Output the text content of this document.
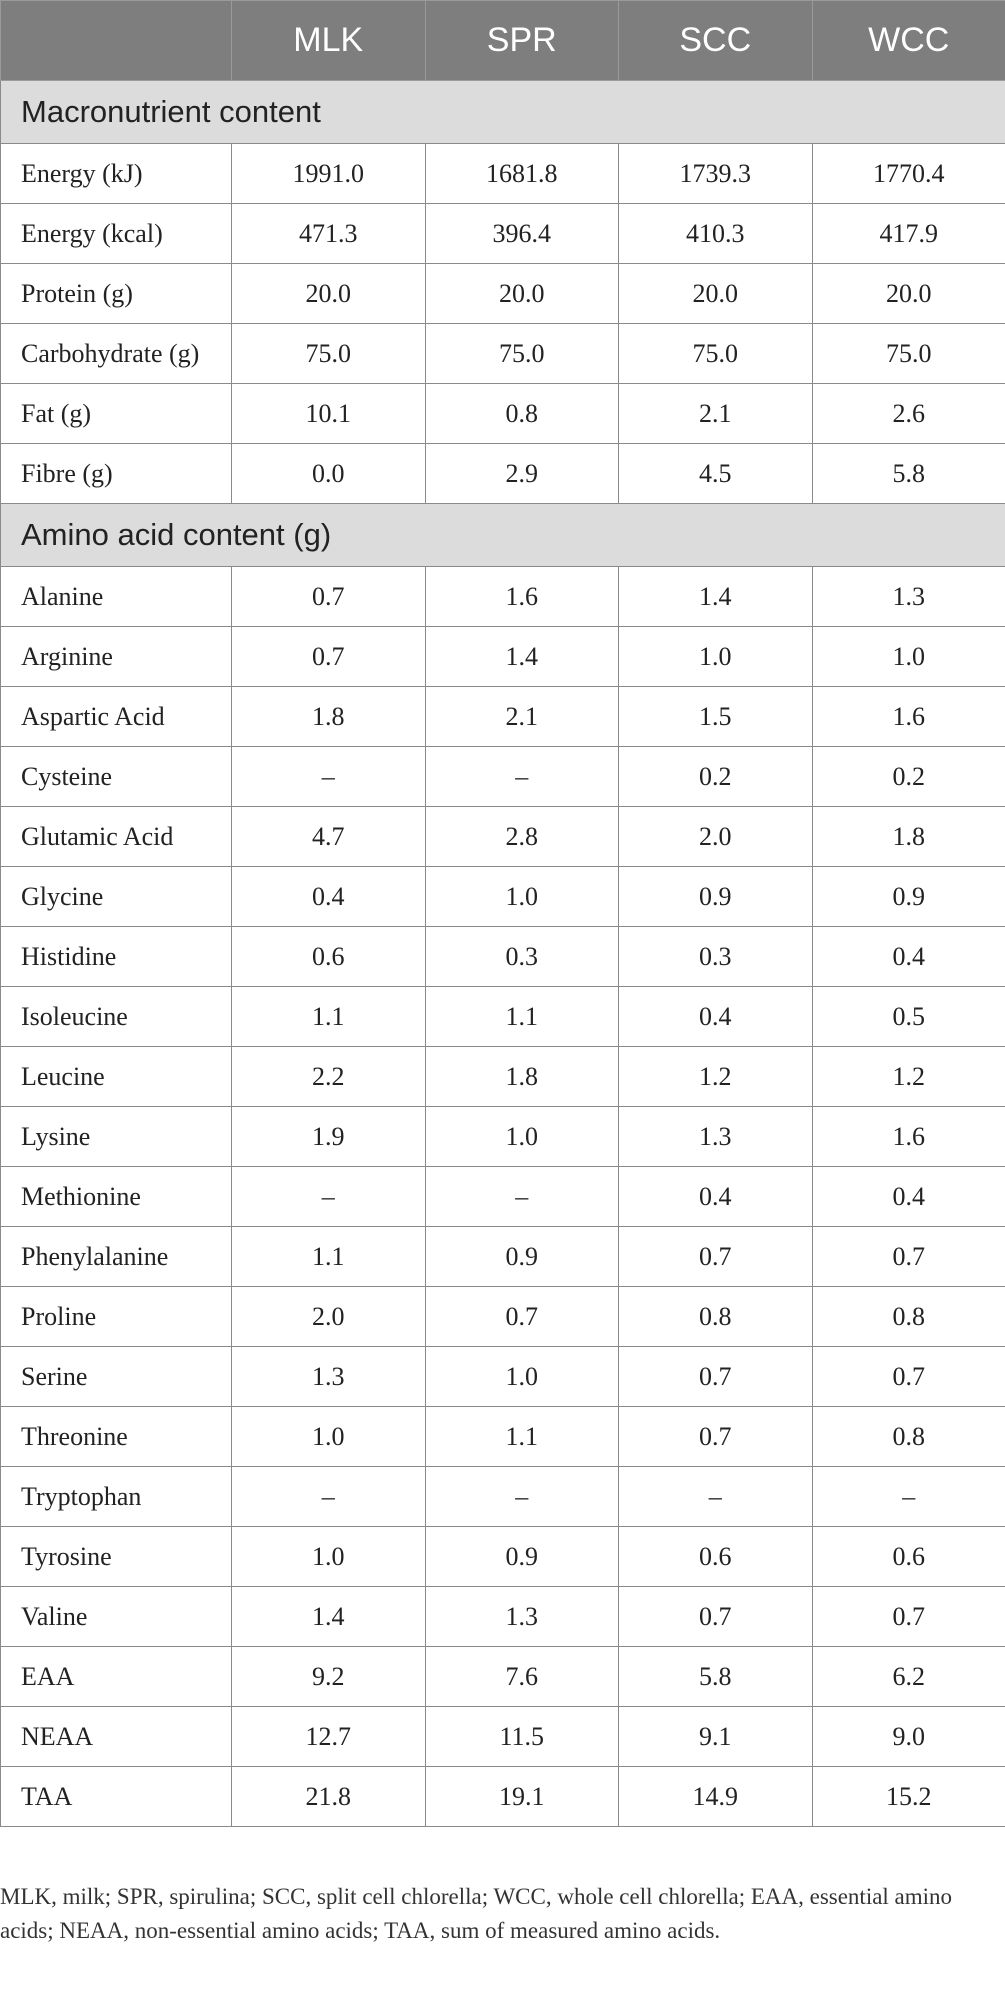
	MLK	SPR	SCC	WCC
Macronutrient content				
Energy (kJ)	1991.0	1681.8	1739.3	1770.4
Energy (kcal)	471.3	396.4	410.3	417.9
Protein (g)	20.0	20.0	20.0	20.0
Carbohydrate (g)	75.0	75.0	75.0	75.0
Fat (g)	10.1	0.8	2.1	2.6
Fibre (g)	0.0	2.9	4.5	5.8
Amino acid content (g)				
Alanine	0.7	1.6	1.4	1.3
Arginine	0.7	1.4	1.0	1.0
Aspartic Acid	1.8	2.1	1.5	1.6
Cysteine	–	–	0.2	0.2
Glutamic Acid	4.7	2.8	2.0	1.8
Glycine	0.4	1.0	0.9	0.9
Histidine	0.6	0.3	0.3	0.4
Isoleucine	1.1	1.1	0.4	0.5
Leucine	2.2	1.8	1.2	1.2
Lysine	1.9	1.0	1.3	1.6
Methionine	–	–	0.4	0.4
Phenylalanine	1.1	0.9	0.7	0.7
Proline	2.0	0.7	0.8	0.8
Serine	1.3	1.0	0.7	0.7
Threonine	1.0	1.1	0.7	0.8
Tryptophan	–	–	–	–
Tyrosine	1.0	0.9	0.6	0.6
Valine	1.4	1.3	0.7	0.7
EAA	9.2	7.6	5.8	6.2
NEAA	12.7	11.5	9.1	9.0
TAA	21.8	19.1	14.9	15.2
MLK, milk; SPR, spirulina; SCC, split cell chlorella; WCC, whole cell chlorella; EAA, essential amino acids; NEAA, non-essential amino acids; TAA, sum of measured amino acids.
